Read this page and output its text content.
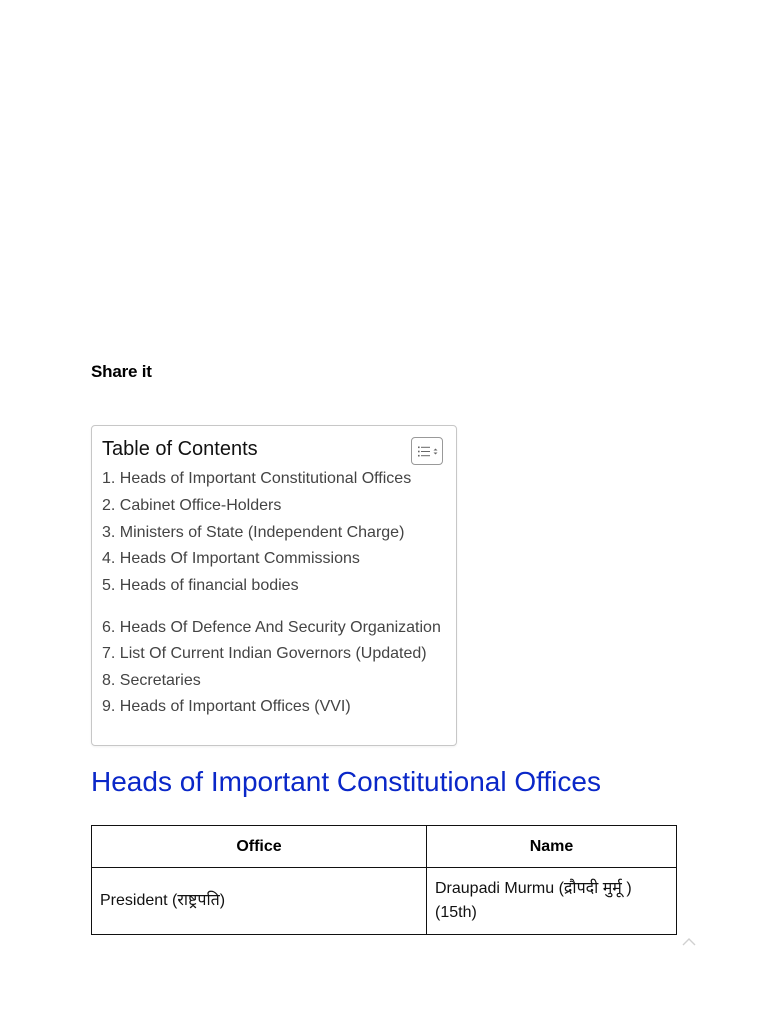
Share it
Table of Contents
1. Heads of Important Constitutional Offices
2. Cabinet Office-Holders
3. Ministers of State (Independent Charge)
4. Heads Of Important Commissions
5. Heads of financial bodies
6. Heads Of Defence And Security Organization
7. List Of Current Indian Governors (Updated)
8. Secretaries
9. Heads of Important Offices (VVI)
Heads of Important Constitutional Offices
Office	Name
President (राष्ट्रपति)	Draupadi Murmu (द्रौपदी मुर्मू ) (15th)
